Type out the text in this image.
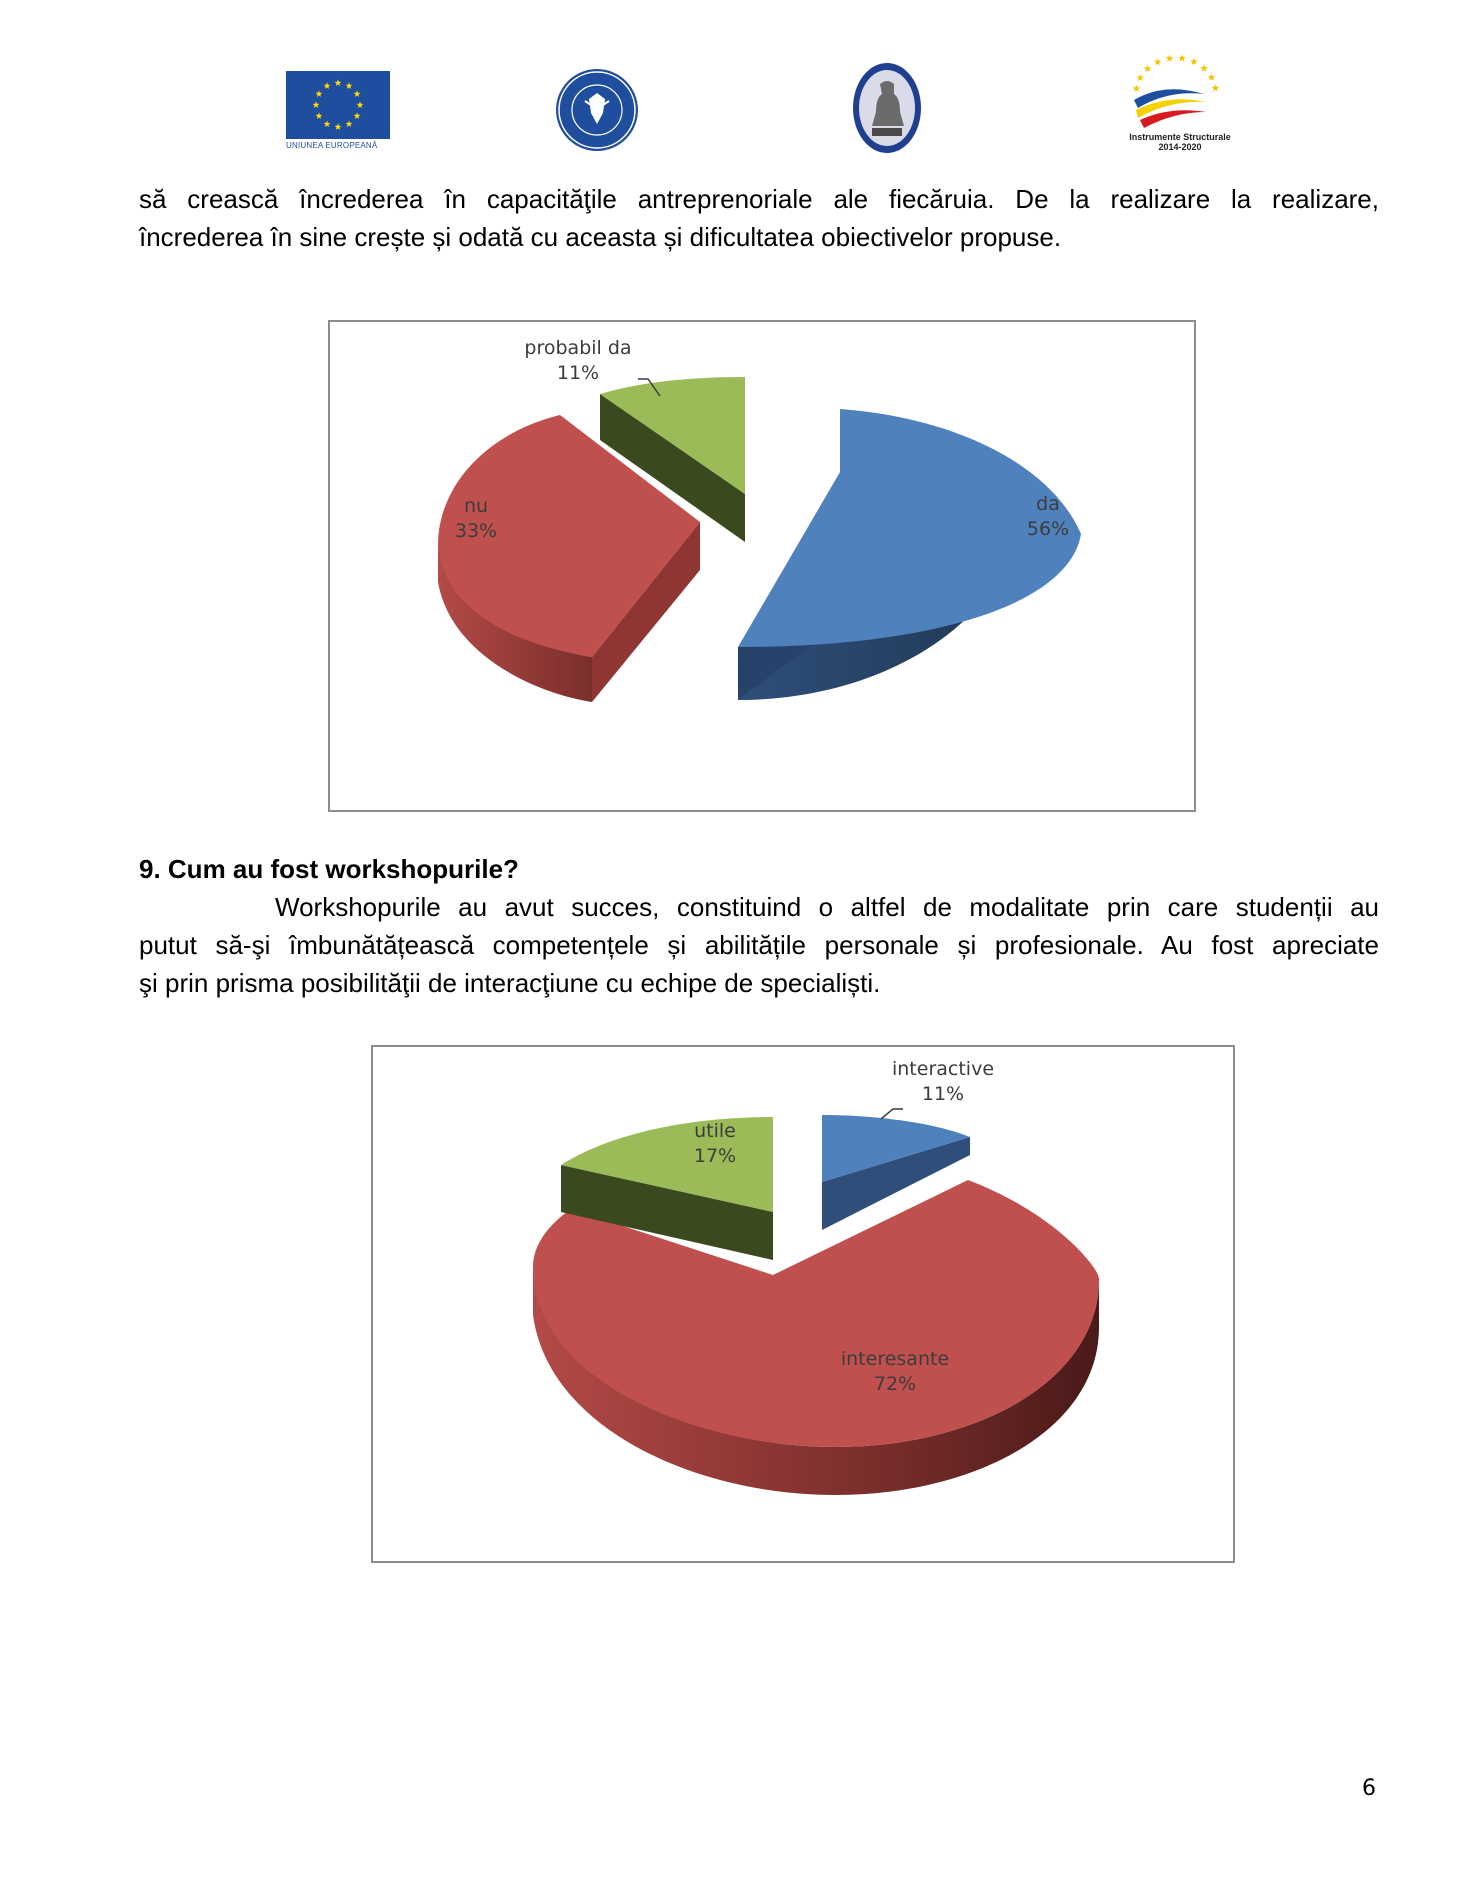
UNIUNEA EUROPEANĂ
Instrumente Structurale
2014-2020
să crească încrederea în capacităţile antreprenoriale ale fiecăruia. De la realizare la realizare,
încrederea în sine crește și odată cu aceasta și dificultatea obiectivelor propuse.
probabil da
11%
nu
33%
da
56%
9. Cum au fost workshopurile?
Workshopurile au avut succes, constituind o altfel de modalitate prin care studenții au
putut să-şi îmbunătățească competențele și abilitățile personale și profesionale. Au fost apreciate
şi prin prisma posibilităţii de interacţiune cu echipe de specialiști.
interactive
11%
utile
17%
interesante
72%
6
